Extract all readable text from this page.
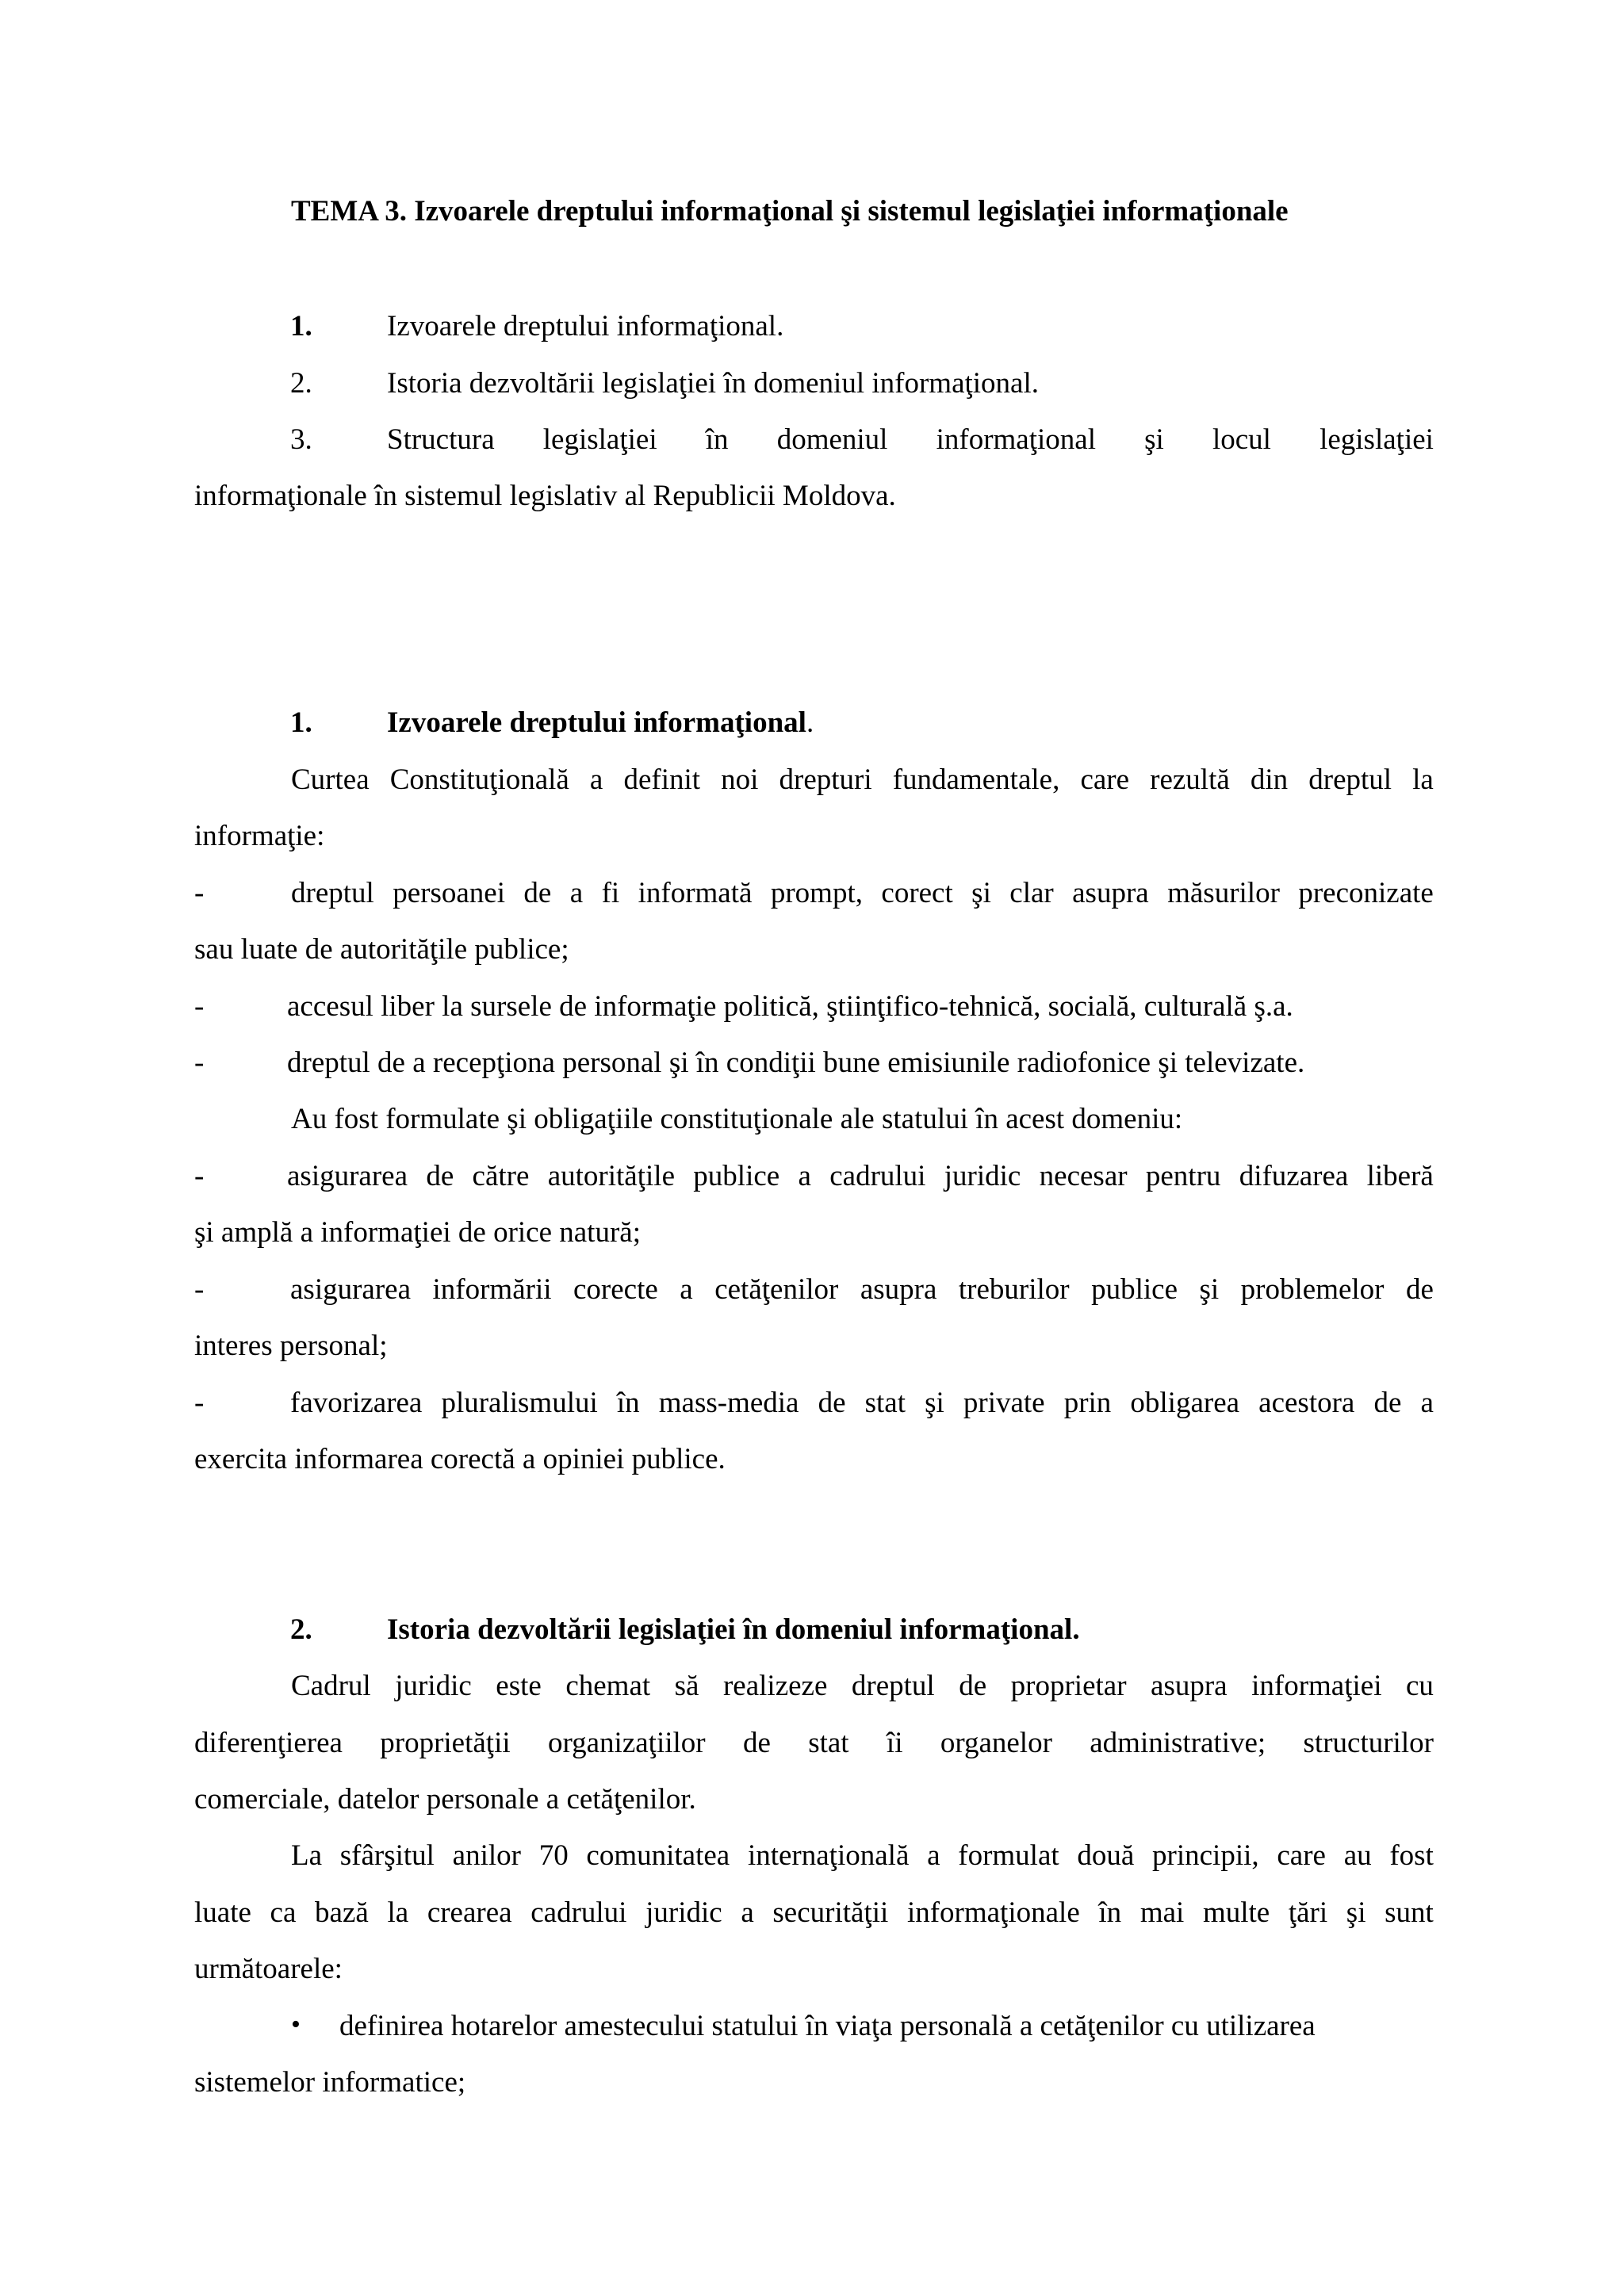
TEMA 3. Izvoarele dreptului informaţional şi sistemul legislaţiei informaţionale
1.	Izvoarele dreptului informaţional.
2.	Istoria dezvoltării legislaţiei în domeniul informaţional.
3.	Structura legislaţiei în domeniul informaţional şi locul legislaţiei
informaţionale în sistemul legislativ al Republicii Moldova.
1.	Izvoarele dreptului informaţional.
Curtea Constituţională a definit noi drepturi fundamentale, care rezultă din dreptul la
informaţie:
-	dreptul persoanei de a fi informată prompt, corect şi clar asupra măsurilor preconizate
sau luate de autorităţile publice;
-	accesul liber la sursele de informaţie politică, ştiinţifico-tehnică, socială, culturală ş.a.
-	dreptul de a recepţiona personal şi în condiţii bune emisiunile radiofonice şi televizate.
Au fost formulate şi obligaţiile constituţionale ale statului în acest domeniu:
-	asigurarea de către autorităţile publice a cadrului juridic necesar pentru difuzarea liberă
şi amplă a informaţiei de orice natură;
-	asigurarea informării corecte a cetăţenilor asupra treburilor publice şi problemelor de
interes personal;
-	favorizarea pluralismului în mass-media de stat şi private prin obligarea acestora de a
exercita informarea corectă a opiniei publice.
2.	Istoria dezvoltării legislaţiei în domeniul informaţional.
Cadrul juridic este chemat să realizeze dreptul de proprietar asupra informaţiei cu
diferenţierea proprietăţii organizaţiilor de stat îi organelor administrative; structurilor
comerciale, datelor personale a cetăţenilor.
La sfârşitul anilor 70 comunitatea internaţională a formulat două principii, care au fost
luate ca bază la crearea cadrului juridic a securităţii informaţionale în mai multe ţări şi sunt
următoarele:
• definirea hotarelor amestecului statului în viaţa personală a cetăţenilor cu utilizarea
sistemelor informatice;
